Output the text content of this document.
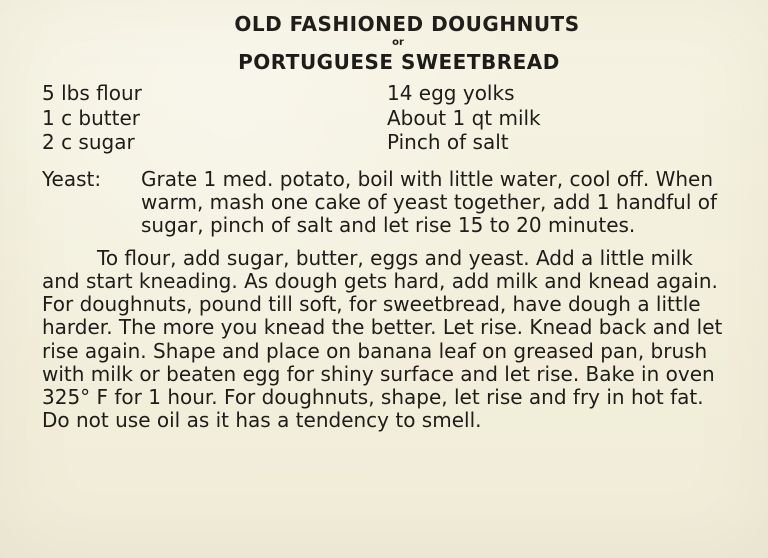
OLD FASHIONED DOUGHNUTS
or
PORTUGUESE SWEETBREAD
5 lbs flour
1 c butter
2 c sugar
14 egg yolks
About 1 qt milk
Pinch of salt
Yeast:	Grate 1 med. potato, boil with little water, cool off. When warm, mash one cake of yeast together, add 1 handful of sugar, pinch of salt and let rise 15 to 20 minutes.
To flour, add sugar, butter, eggs and yeast. Add a little milk and start kneading. As dough gets hard, add milk and knead again. For doughnuts, pound till soft, for sweetbread, have dough a little harder. The more you knead the better. Let rise. Knead back and let rise again. Shape and place on banana leaf on greased pan, brush with milk or beaten egg for shiny surface and let rise. Bake in oven 325° F for 1 hour. For doughnuts, shape, let rise and fry in hot fat. Do not use oil as it has a tendency to smell.
